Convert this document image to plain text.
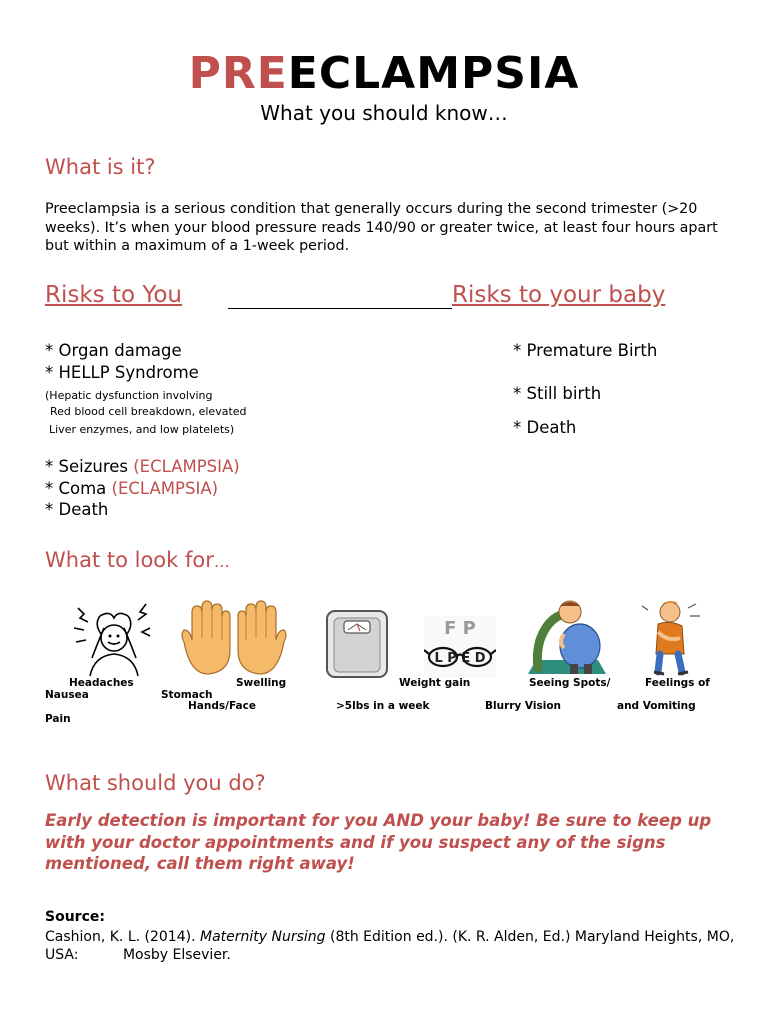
PREECLAMPSIA
What you should know…
What is it?
Preeclampsia is a serious condition that generally occurs during the second trimester (>20 weeks). It’s when your blood pressure reads 140/90 or greater twice, at least four hours apart but within a maximum of a 1-week period.
Risks to You	Risks to your baby
* Organ damage
* HELLP Syndrome
(Hepatic dysfunction involving
Red blood cell breakdown, elevated
Liver enzymes, and low platelets)
* Seizures (ECLAMPSIA)
* Coma (ECLAMPSIA)
* Death
* Premature Birth
* Still birth
* Death
What to look for…
F P
L P E D
Headaches	Swelling	Weight gain	Seeing Spots/	Feelings of
Nausea	Stomach
Hands/Face	>5lbs in a week	Blurry Vision	and Vomiting
Pain
What should you do?
Early detection is important for you AND your baby! Be sure to keep up with your doctor appointments and if you suspect any of the signs mentioned, call them right away!
Source:
Cashion, K. L. (2014). Maternity Nursing (8th Edition ed.). (K. R. Alden, Ed.) Maryland Heights, MO, USA:          Mosby Elsevier.
